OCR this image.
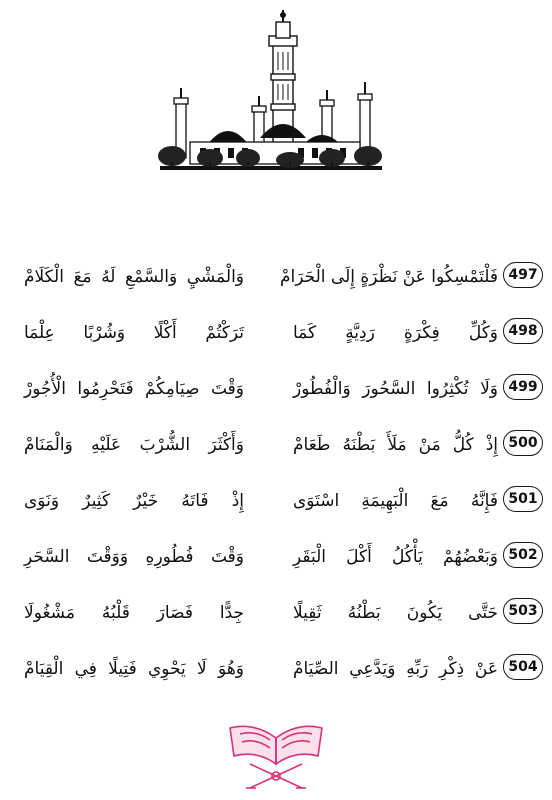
497
فَلْتَمْسِكُوا عَنْ نَظْرَةٍ إِلَى الْحَرَامْ
وَالْمَشْيِ وَالسَّمْعِ لَهُ مَعَ الْكَلَامْ
498
وَكُلِّ فِكْرَةٍ رَدِيَّةٍ كَمَا
تَرَكْتُمْ أَكْلًا وَشُرْبًا عِلْمَا
499
وَلَا تُكْثِرُوا السَّحُورَ وَالْفُطُورْ
وَقْتَ صِيَامِكُمْ فَتَحْرِمُوا الْأُجُورْ
500
إِذْ كُلُّ مَنْ مَلَأَ بَطْنَهُ طَعَامْ
وَأَكْثَرَ الشُّرْبَ عَلَيْهِ وَالْمَنَامْ
501
فَإِنَّهُ مَعَ الْبَهِيمَةِ اسْتَوَى
إِذْ فَاتَهُ خَيْرٌ كَثِيرٌ وَنَوَى
502
وَبَعْضُهُمْ يَأْكُلُ أَكْلَ الْبَقَرِ
وَقْتَ فُطُورِهِ وَوَقْتَ السَّحَرِ
503
حَتَّى يَكُونَ بَطْنُهُ ثَقِيلًا
جِدًّا فَصَارَ قَلْبُهُ مَشْغُولَا
504
عَنْ ذِكْرِ رَبِّهِ وَيَدَّعِي الصِّيَامْ
وَهُوَ لَا يَحْوِي فَتِيلًا فِي الْقِيَامْ
